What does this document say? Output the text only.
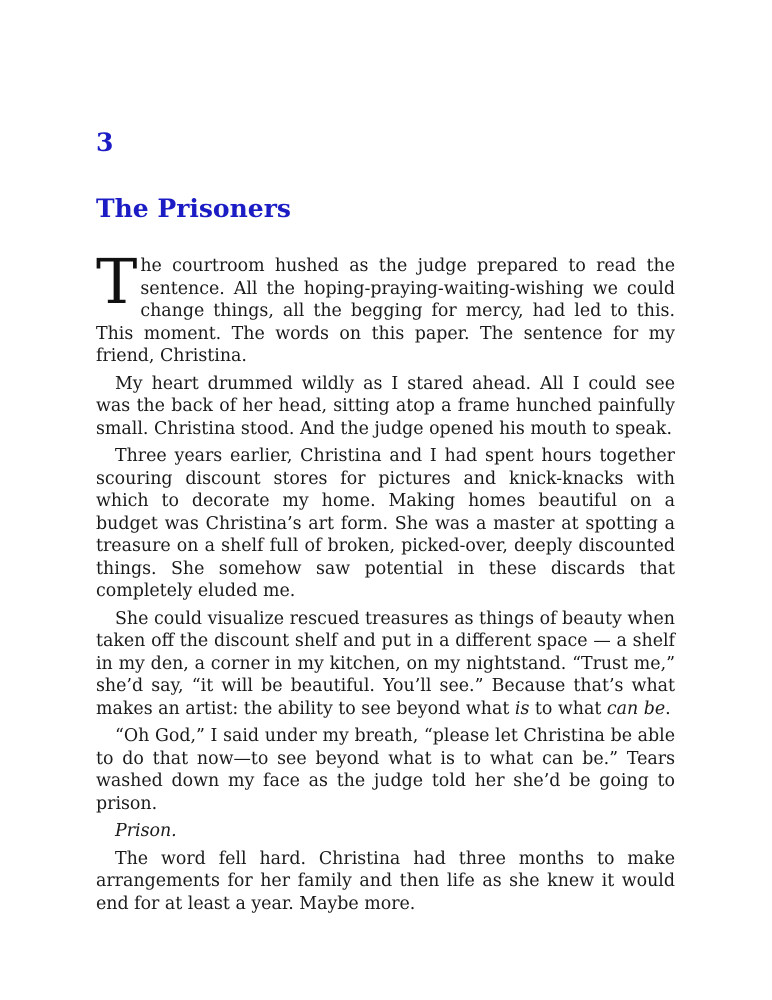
3
The Prisoners

The courtroom hushed as the judge prepared to read the sentence. All the hoping-praying-waiting-wishing we could change things, all the begging for mercy, had led to this. This moment. The words on this paper. The sentence for my friend, Christina.

My heart drummed wildly as I stared ahead. All I could see was the back of her head, sitting atop a frame hunched painfully small. Christina stood. And the judge opened his mouth to speak.

Three years earlier, Christina and I had spent hours together scouring discount stores for pictures and knick-knacks with which to decorate my home. Making homes beautiful on a budget was Christina’s art form. She was a master at spotting a treasure on a shelf full of broken, picked-over, deeply discounted things. She somehow saw potential in these discards that completely eluded me.

She could visualize rescued treasures as things of beauty when taken off the discount shelf and put in a different space — a shelf in my den, a corner in my kitchen, on my nightstand. “Trust me,” she’d say, “it will be beautiful. You’ll see.” Because that’s what makes an artist: the ability to see beyond what is to what can be.

“Oh God,” I said under my breath, “please let Christina be able to do that now—to see beyond what is to what can be.” Tears washed down my face as the judge told her she’d be going to prison.

Prison.

The word fell hard. Christina had three months to make arrangements for her family and then life as she knew it would end for at least a year. Maybe more.
